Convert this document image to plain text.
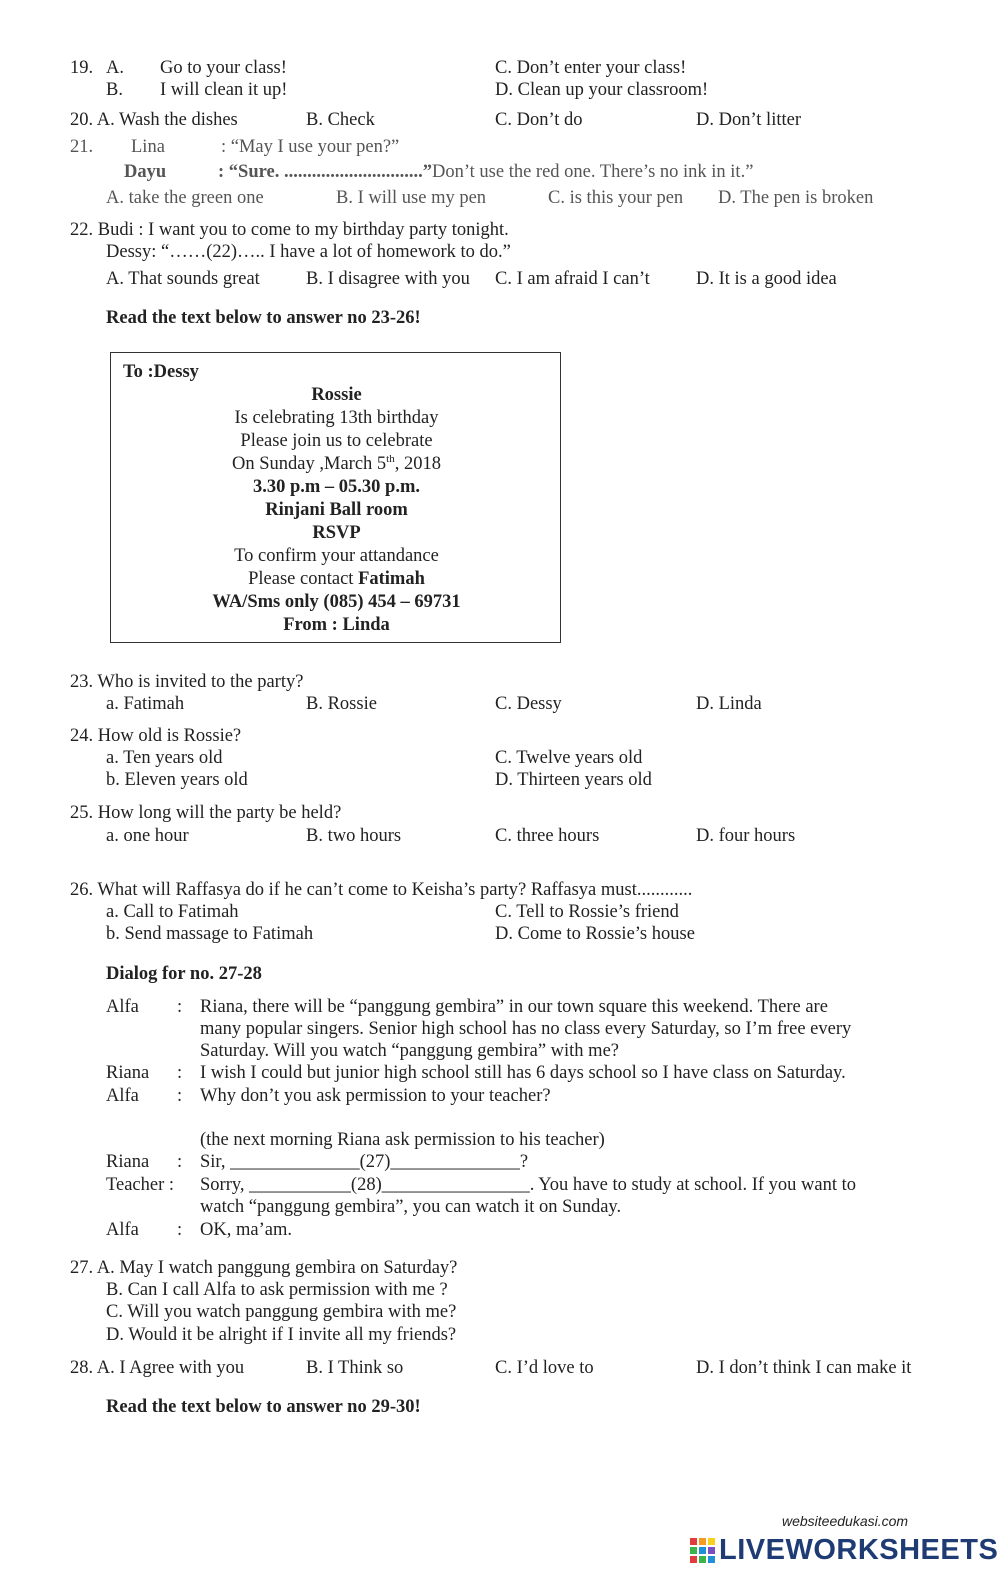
19. A. Go to your class!	C. Don’t enter your class!
B. I will clean it up!	D. Clean up your classroom!
20. A. Wash the dishes	B. Check	C. Don’t do	D. Don’t litter
21. Lina	: “May I use your pen?”
Dayu	: “Sure. ..............................”Don’t use the red one. There’s no ink in it.”
A. take the green one	B. I will use my pen	C. is this your pen D. The pen is broken
22. Budi : I want you to come to my birthday party tonight.
Dessy: “……(22)….. I have a lot of homework to do.”
A. That sounds great B. I disagree with you C. I am afraid I can’t D. It is a good idea
Read the text below to answer no 23-26!
To :Dessy
Rossie
Is celebrating 13th birthday
Please join us to celebrate
On Sunday ,March 5th, 2018
3.30 p.m – 05.30 p.m.
Rinjani Ball room
RSVP
To confirm your attandance
Please contact Fatimah
WA/Sms only (085) 454 – 69731
From : Linda
23. Who is invited to the party?
a. Fatimah	B. Rossie	C. Dessy	D. Linda
24. How old is Rossie?
a. Ten years old	C. Twelve years old
b. Eleven years old	D. Thirteen years old
25. How long will the party be held?
a. one hour	B. two hours	C. three hours	D. four hours
26. What will Raffasya do if he can’t come to Keisha’s party? Raffasya must............
a. Call to Fatimah	C. Tell to Rossie’s friend
b. Send massage to Fatimah	D. Come to Rossie’s house
Dialog for no. 27-28
Alfa : Riana, there will be “panggung gembira” in our town square this weekend. There are
many popular singers. Senior high school has no class every Saturday, so I’m free every
Saturday. Will you watch “panggung gembira” with me?
Riana : I wish I could but junior high school still has 6 days school so I have class on Saturday.
Alfa : Why don’t you ask permission to your teacher?
(the next morning Riana ask permission to his teacher)
Riana : Sir, ______________(27)______________?
Teacher : Sorry, ___________(28)________________. You have to study at school. If you want to
watch “panggung gembira”, you can watch it on Sunday.
Alfa : OK, ma’am.
27. A. May I watch panggung gembira on Saturday?
B. Can I call Alfa to ask permission with me ?
C. Will you watch panggung gembira with me?
D. Would it be alright if I invite all my friends?
28. A. I Agree with you	B. I Think so	C. I’d love to	D. I don’t think I can make it
Read the text below to answer no 29-30!
websiteedukasi.com
LIVEWORKSHEETS
